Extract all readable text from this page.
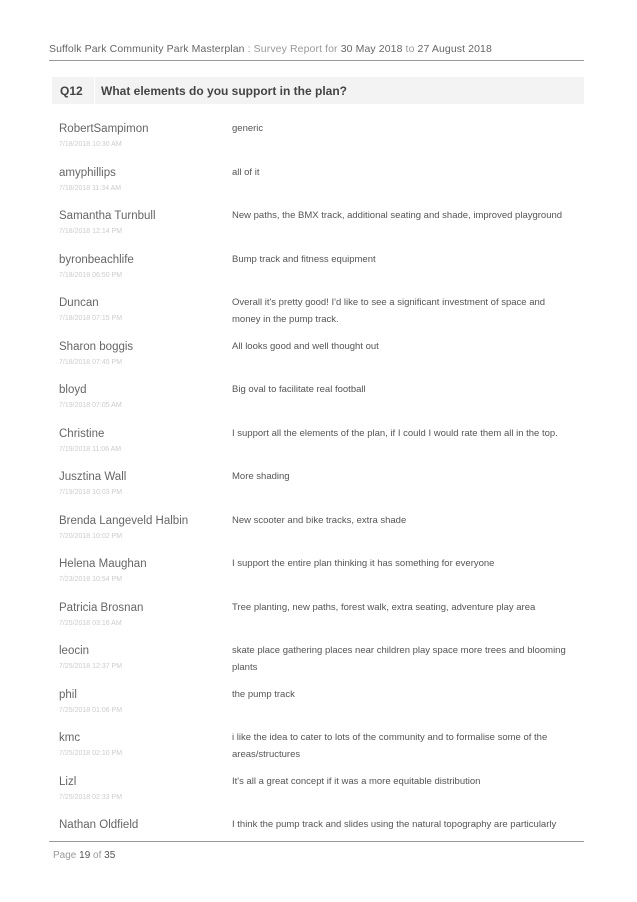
Suffolk Park Community Park Masterplan : Survey Report for 30 May 2018 to 27 August 2018
Q12	What elements do you support in the plan?
RobertSampimon
7/18/2018 10:30 AM
generic
amyphillips
7/18/2018 11:34 AM
all of it
Samantha Turnbull
7/18/2018 12:14 PM
New paths, the BMX track, additional seating and shade, improved playground
byronbeachlife
7/18/2018 06:50 PM
Bump track and fitness equipment
Duncan
7/18/2018 07:15 PM
Overall it's pretty good! I'd like to see a significant investment of space and money in the pump track.
Sharon boggis
7/18/2018 07:45 PM
All looks good and well thought out
bloyd
7/19/2018 07:05 AM
Big oval to facilitate real football
Christine
7/19/2018 11:06 AM
I support all the elements of the plan, if I could I would rate them all in the top.
Jusztina Wall
7/19/2018 10:03 PM
More shading
Brenda Langeveld Halbin
7/20/2018 10:02 PM
New scooter and bike tracks, extra shade
Helena Maughan
7/23/2018 10:54 PM
I support the entire plan thinking it has something for everyone
Patricia Brosnan
7/25/2018 03:16 AM
Tree planting, new paths, forest walk, extra seating, adventure play area
leocin
7/25/2018 12:37 PM
skate place gathering places near children play space more trees and blooming plants
phil
7/25/2018 01:06 PM
the pump track
kmc
7/25/2018 02:10 PM
i like the idea to cater to lots of the community and to formalise some of the areas/structures
Lizl
7/25/2018 02:33 PM
It's all a great concept if it was a more equitable distribution
Nathan Oldfield	I think the pump track and slides using the natural topography are particularly
Page 19 of 35
